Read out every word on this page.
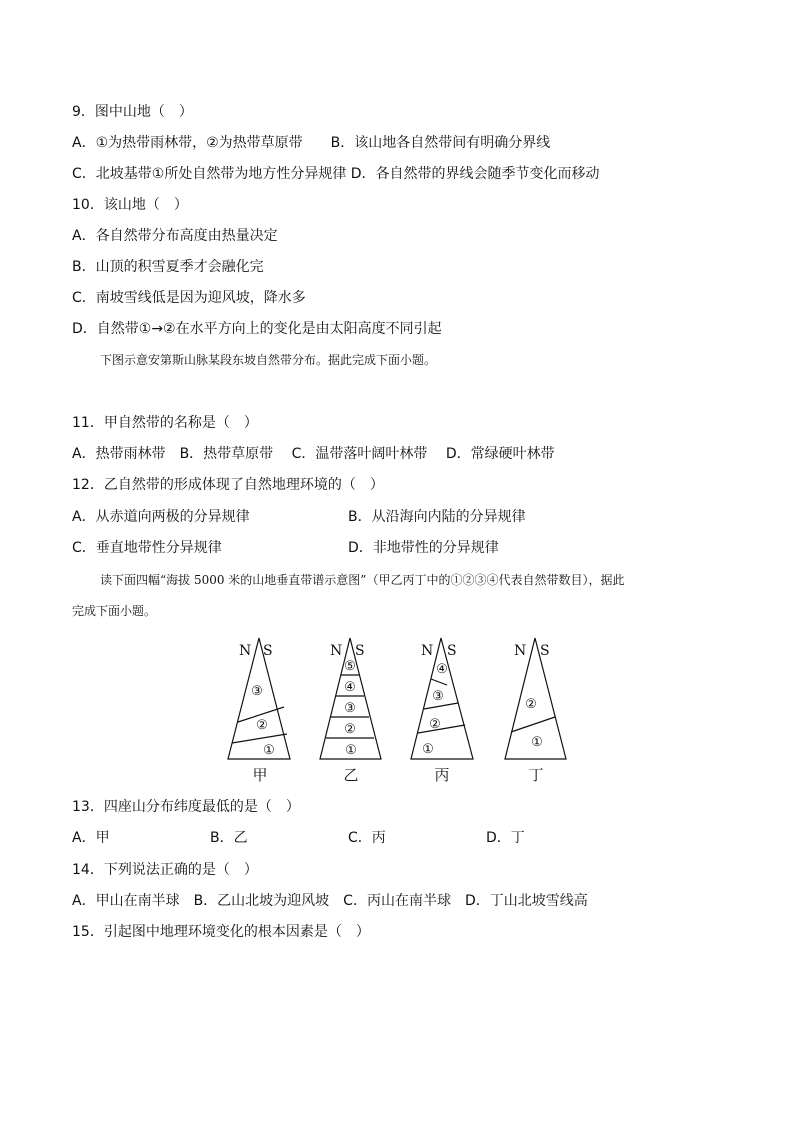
9．图中山地（　）
A．①为热带雨林带，②为热带草原带　　B．该山地各自然带间有明确分界线
C．北坡基带①所处自然带为地方性分异规律 D．各自然带的界线会随季节变化而移动
10．该山地（　）
A．各自然带分布高度由热量决定
B．山顶的积雪夏季才会融化完
C．南坡雪线低是因为迎风坡，降水多
D．自然带①→②在水平方向上的变化是由太阳高度不同引起
下图示意安第斯山脉某段东坡自然带分布。据此完成下面小题。
11．甲自然带的名称是（　）
A．热带雨林带　B．热带草原带　 C．温带落叶阔叶林带　 D．常绿硬叶林带
12．乙自然带的形成体现了自然地理环境的（　）
A．从赤道向两极的分异规律	B．从沿海向内陆的分异规律
C．垂直地带性分异规律	D．非地带性的分异规律
读下面四幅“海拔 5000 米的山地垂直带谱示意图”（甲乙丙丁中的①②③④代表自然带数目），据此
完成下面小题。
N S	N S	N S	N S
③
②
①
⑤
④
③
②
①
④
③
②
①
②
①
甲	乙	丙	丁
13．四座山分布纬度最低的是（　）
A．甲	B．乙	C．丙	D．丁
14．下列说法正确的是（　）
A．甲山在南半球　B．乙山北坡为迎风坡　C．丙山在南半球　D．丁山北坡雪线高
15．引起图中地理环境变化的根本因素是（　）
